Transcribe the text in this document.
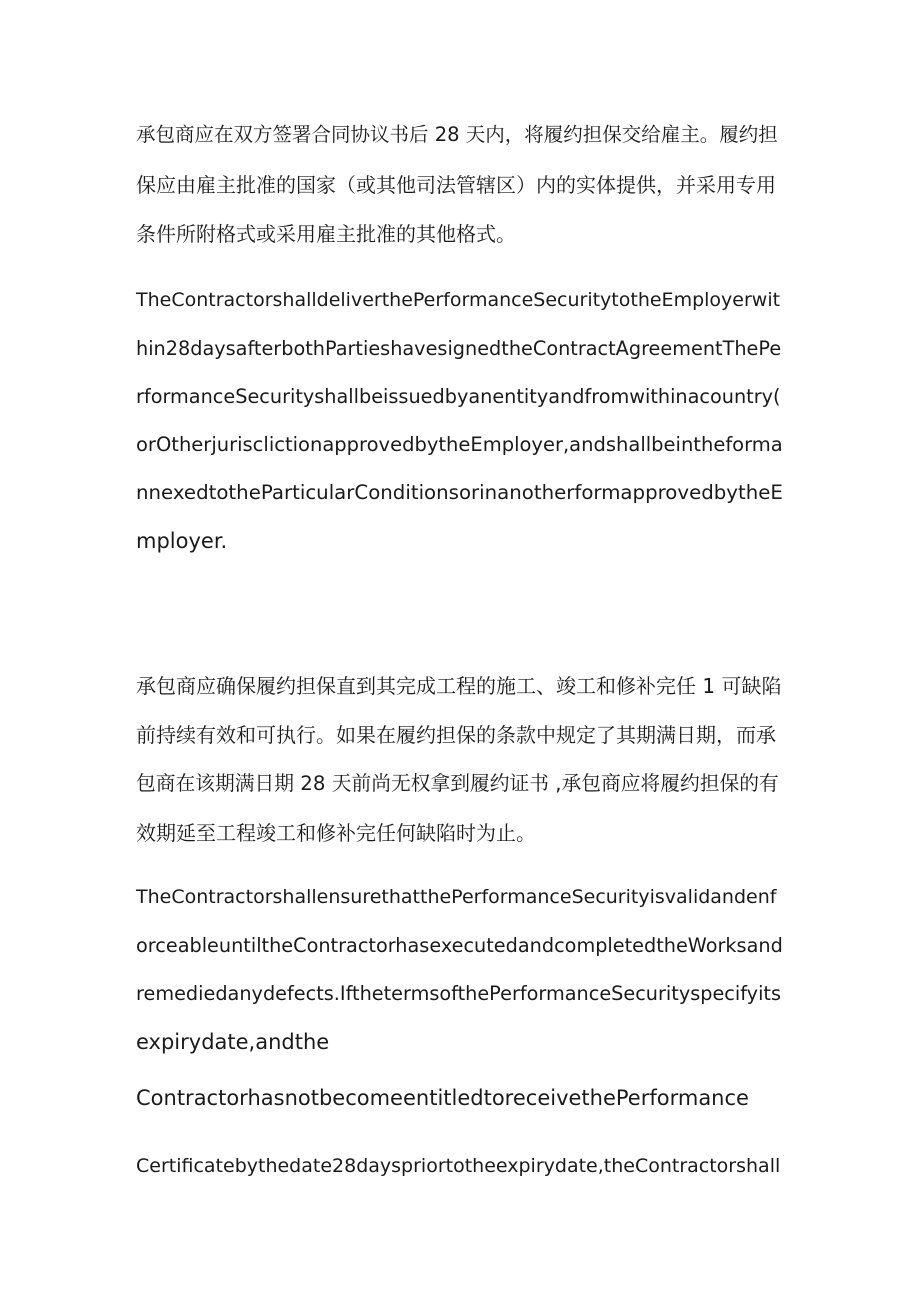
承包商应在双方签署合同协议书后 28 天内，将履约担保交给雇主。履约担
保应由雇主批准的国家（或其他司法管辖区）内的实体提供，并采用专用
条件所附格式或采用雇主批准的其他格式。
TheContractorshalldeliverthePerformanceSecuritytotheEmployerwit
hin28daysafterbothPartieshavesignedtheContractAgreementThePe
rformanceSecurityshallbeissuedbyanentityandfromwithinacountry(
orOtherjurisclictionapprovedbytheEmployer,andshallbeintheforma
nnexedtotheParticularConditionsorinanotherformapprovedbytheE
mployer.
承包商应确保履约担保直到其完成工程的施工、竣工和修补完任 1 可缺陷
前持续有效和可执行。如果在履约担保的条款中规定了其期满日期，而承
包商在该期满日期 28 天前尚无权拿到履约证书 ,承包商应将履约担保的有
效期延至工程竣工和修补完任何缺陷时为止。
TheContractorshallensurethatthePerformanceSecurityisvalidandenf
orceableuntiltheContractorhasexecutedandcompletedtheWorksand
remediedanydefects.IfthetermsofthePerformanceSecurityspecifyits
expirydate,andthe
ContractorhasnotbecomeentitledtoreceivethePerformance
Certificatebythedate28dayspriortotheexpirydate,theContractorshall
